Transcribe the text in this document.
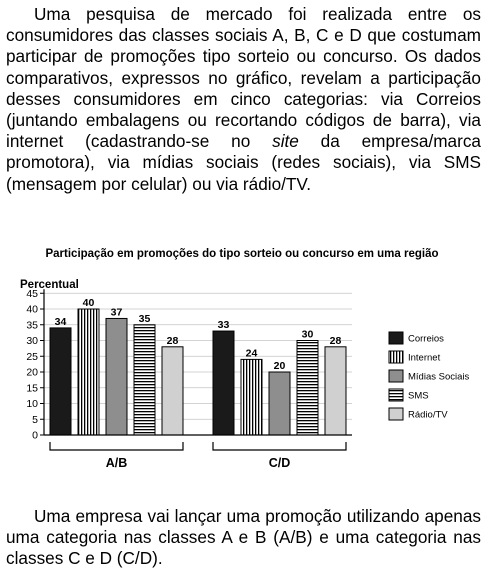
Uma pesquisa de mercado foi realizada entre os consumidores das classes sociais A, B, C e D que costumam participar de promoções tipo sorteio ou concurso. Os dados comparativos, expressos no gráfico, revelam a participação desses consumidores em cinco categorias: via Correios (juntando embalagens ou recortando códigos de barra), via internet (cadastrando-se no site da empresa/marca promotora), via mídias sociais (redes sociais), via SMS (mensagem por celular) ou via rádio/TV.
Participação em promoções do tipo sorteio ou concurso em uma região
Percentual
0
5
10
15
20
25
30
35
40
45
34
40
37
35
28
33
24
20
30
28
A/B	C/D
Correios
Internet
Mídias Sociais
SMS
Rádio/TV
Uma empresa vai lançar uma promoção utilizando apenas uma categoria nas classes A e B (A/B) e uma categoria nas classes C e D (C/D).
